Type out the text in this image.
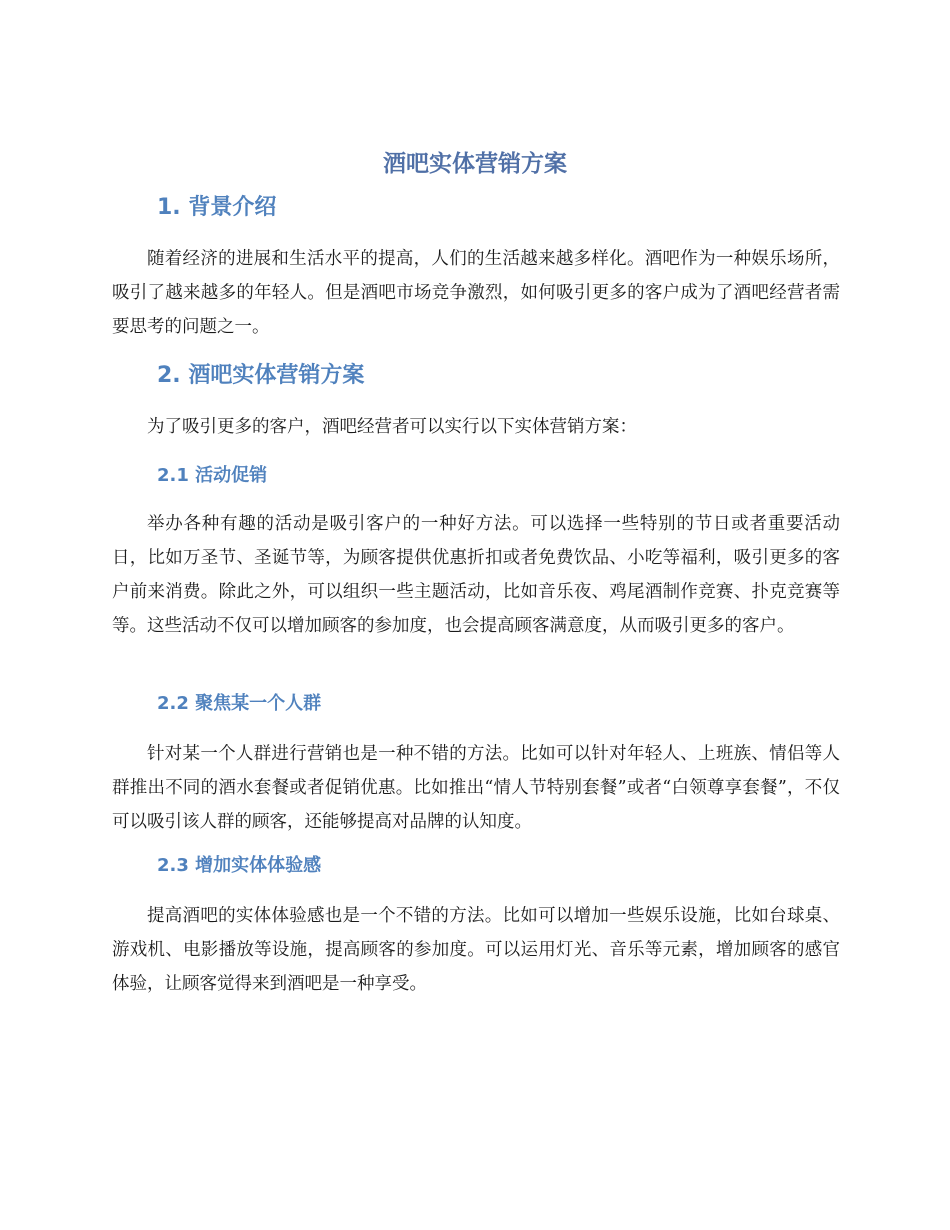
酒吧实体营销方案
1. 背景介绍

随着经济的进展和生活水平的提高，人们的生活越来越多样化。酒吧作为一种娱乐场所，吸引了越来越多的年轻人。但是酒吧市场竞争激烈，如何吸引更多的客户成为了酒吧经营者需要思考的问题之一。

2. 酒吧实体营销方案

为了吸引更多的客户，酒吧经营者可以实行以下实体营销方案：

2.1 活动促销

举办各种有趣的活动是吸引客户的一种好方法。可以选择一些特别的节日或者重要活动日，比如万圣节、圣诞节等，为顾客提供优惠折扣或者免费饮品、小吃等福利，吸引更多的客户前来消费。除此之外，可以组织一些主题活动，比如音乐夜、鸡尾酒制作竞赛、扑克竞赛等等。这些活动不仅可以增加顾客的参加度，也会提高顾客满意度，从而吸引更多的客户。

2.2 聚焦某一个人群

针对某一个人群进行营销也是一种不错的方法。比如可以针对年轻人、上班族、情侣等人群推出不同的酒水套餐或者促销优惠。比如推出“情人节特别套餐”或者“白领尊享套餐”，不仅可以吸引该人群的顾客，还能够提高对品牌的认知度。

2.3 增加实体体验感

提高酒吧的实体体验感也是一个不错的方法。比如可以增加一些娱乐设施，比如台球桌、游戏机、电影播放等设施，提高顾客的参加度。可以运用灯光、音乐等元素，增加顾客的感官体验，让顾客觉得来到酒吧是一种享受。
